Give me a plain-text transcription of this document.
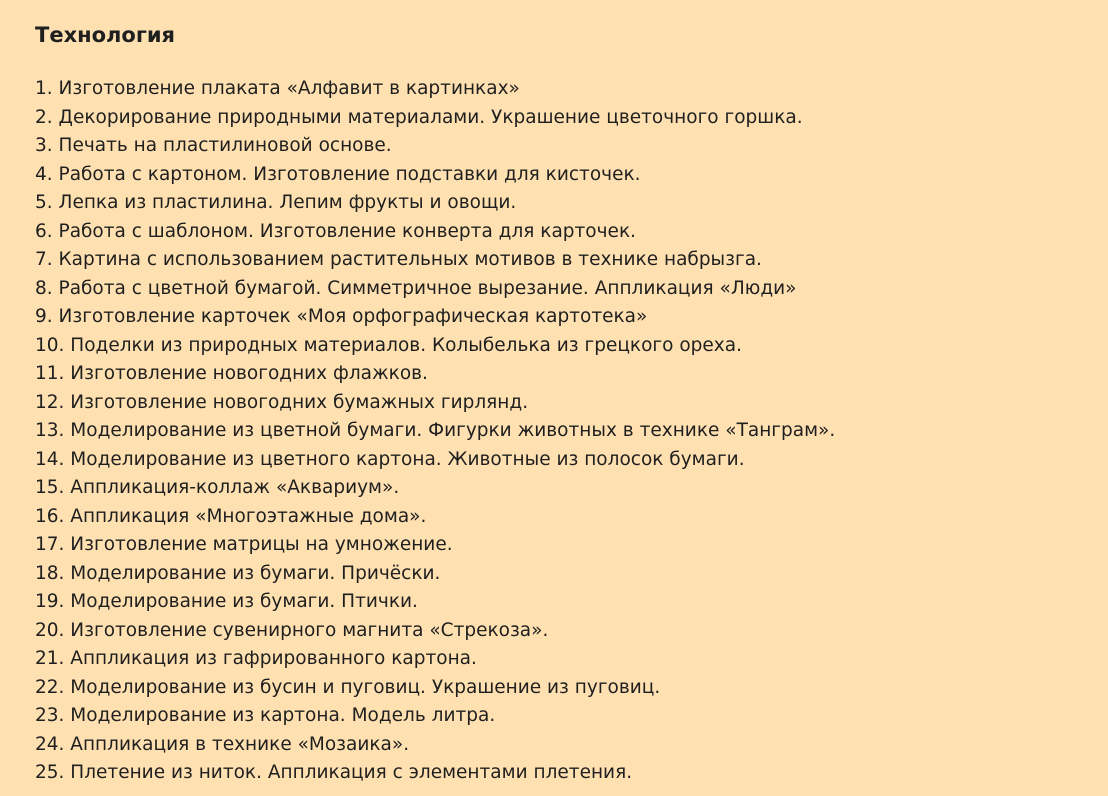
Технология
1. Изготовление плаката «Алфавит в картинках»
2. Декорирование природными материалами. Украшение цветочного горшка.
3. Печать на пластилиновой основе.
4. Работа с картоном. Изготовление подставки для кисточек.
5. Лепка из пластилина. Лепим фрукты и овощи.
6. Работа с шаблоном. Изготовление конверта для карточек.
7. Картина с использованием растительных мотивов в технике набрызга.
8. Работа с цветной бумагой. Симметричное вырезание. Аппликация «Люди»
9. Изготовление карточек «Моя орфографическая картотека»
10. Поделки из природных материалов. Колыбелька из грецкого ореха.
11. Изготовление новогодних флажков.
12. Изготовление новогодних бумажных гирлянд.
13. Моделирование из цветной бумаги. Фигурки животных в технике «Танграм».
14. Моделирование из цветного картона. Животные из полосок бумаги.
15. Аппликация-коллаж «Аквариум».
16. Аппликация «Многоэтажные дома».
17. Изготовление матрицы на умножение.
18. Моделирование из бумаги. Причёски.
19. Моделирование из бумаги. Птички.
20. Изготовление сувенирного магнита «Стрекоза».
21. Аппликация из гафрированного картона.
22. Моделирование из бусин и пуговиц. Украшение из пуговиц.
23. Моделирование из картона. Модель литра.
24. Аппликация в технике «Мозаика».
25. Плетение из ниток. Аппликация с элементами плетения.
